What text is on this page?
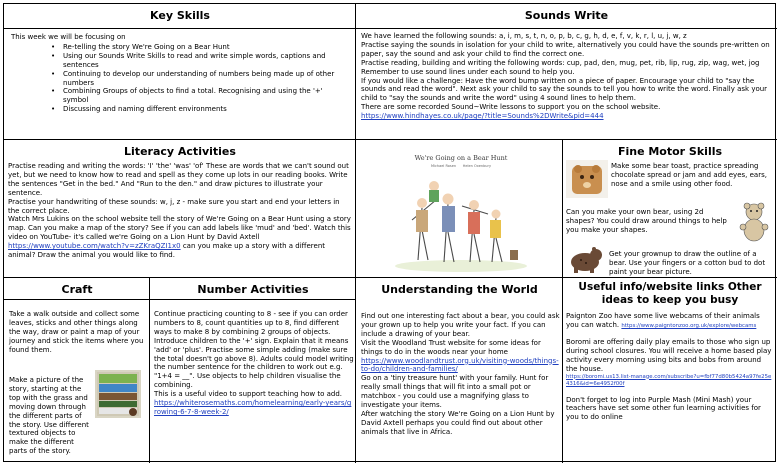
Key Skills

This week we will be focusing on

• Re-telling the story We're Going on a Bear Hunt
• Using our Sounds Write Skills to read and write simple words, captions and sentences
• Continuing to develop our understanding of numbers being made up of other numbers
• Combining Groups of objects to find a total. Recognising and using the '+' symbol
• Discussing and naming different environments
Sounds Write

We have learned the following sounds: a, i, m, s, t, n, o, p, b, c, g, h, d, e, f, v, k, r, l, u, j, w, z

Practise saying the sounds in isolation for your child to write, alternatively you could have the sounds pre-written on paper, say the sound and ask your child to find the correct one.

Practise reading, building and writing the following words: cup, pad, den, mug, pet, rib, lip, rug, zip, wag, wet, jog

Remember to use sound lines under each sound to help you.

If you would like a challenge: Have the word bump written on a piece of paper. Encourage your child to "say the sounds and read the word". Next ask your child to say the sounds to tell you how to write the word. Finally ask your child to "say the sounds and write the word" using 4 sound lines to help them.

There are some recorded Sound~Write lessons to support you on the school website.

https://www.hindhayes.co.uk/page/?title=Sounds%2DWrite&pid=444

Literacy Activities

Practise reading and writing the words: 'I' 'the' 'was' 'of' These are words that we can't sound out yet, but we need to know how to read and spell as they come up lots in our reading books. Write the sentences "Get in the bed." And "Run to the den." and draw pictures to illustrate your sentence.

Practise your handwriting of these sounds: w, j, z - make sure you start and end your letters in the correct place.

Watch Mrs Lukins on the school website tell the story of We're Going on a Bear Hunt using a story map. Can you make a map of the story? See if you can add labels like 'mud' and 'bed'. Watch this video on YouTube- it's called we're Going on a Lion Hunt by David Axtell

https://www.youtube.com/watch?v=zZKraQZI1x0 can you make up a story with a different animal? Draw the animal you would like to find.

We're Going on a Bear Hunt
Michael Rosen      Helen Oxenbury
Fine Motor Skills
Make some bear toast, practice spreading chocolate spread or jam and add eyes, ears, nose and a smile using other food.
Can you make your own bear, using 2d shapes? You could draw around things to help you make your shapes.
Get your grownup to draw the outline of a bear. Use your fingers or a cotton bud to dot paint your bear picture.
Craft
Take a walk outside and collect some leaves, sticks and other things along the way, draw or paint a map of your journey and stick the items where you found them.
Make a picture of the story, starting at the top with the grass and moving down through the different parts of the story. Use different textured objects to make the different parts of the story.
Number Activities

Continue practicing counting to 8 - see if you can order numbers to 8, count quantities up to 8, find different ways to make 8 by combining 2 groups of objects.

Introduce children to the '+' sign. Explain that it means 'add' or 'plus'. Practise some simple adding (make sure the total doesn't go above 8). Adults could model writing the number sentence for the children to work out e.g. "1+4 = __". Use objects to help children visualise the combining.

This is a useful video to support teaching how to add.

https://whiterosemaths.com/homelearning/early-years/growing-6-7-8-week-2/

Understanding the World

Find out one interesting fact about a bear, you could ask your grown up to help you write your fact. If you can include a drawing of your bear.

Visit the Woodland Trust website for some ideas for things to do in the woods near your home

https://www.woodlandtrust.org.uk/visiting-woods/things-to-do/children-and-families/

Go on a 'tiny treasure hunt' with your family. Hunt for really small things that will fit into a small pot or matchbox - you could use a magnifying glass to investigate your items.

After watching the story We're Going on a Lion Hunt by David Axtell perhaps you could find out about other animals that live in Africa.

Useful info/website links Other ideas to keep you busy

Paignton Zoo have some live webcams of their animals you can watch. https://www.paigntonzoo.org.uk/explore/webcams

Boromi are offering daily play emails to those who sign up during school closures. You will receive a home based play activity every morning using bits and bobs from around the house.

https://boromi.us13.list-manage.com/subscribe?u=fbf77d80b5424a97fe25e4316&id=6e4952f00f

Don't forget to log into Purple Mash (Mini Mash) your teachers have set some other fun learning activities for you to do online
